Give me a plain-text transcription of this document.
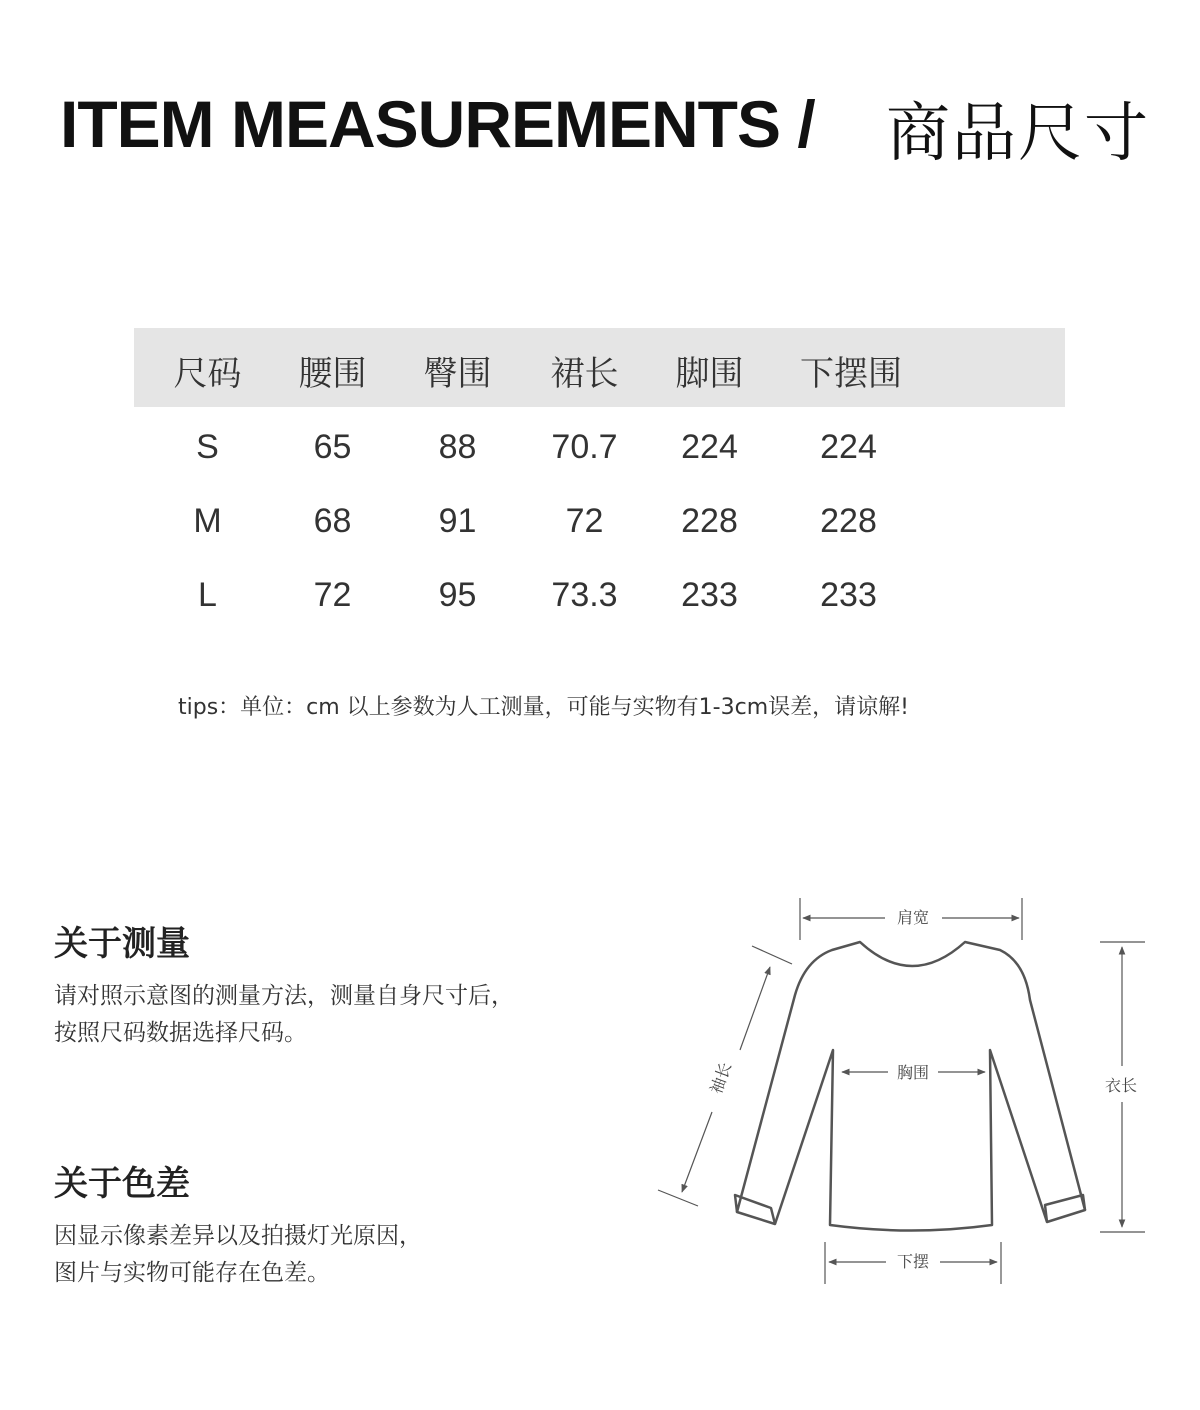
ITEM MEASUREMENTS / 商品尺寸
尺码 腰围 臀围 裙长 脚围 下摆围
S	65	88	70.7	224	224
M	68	91	72	228	228
L	72	95	73.3	233	233
tips：单位：cm 以上参数为人工测量，可能与实物有1-3cm误差，请谅解!
关于测量
请对照示意图的测量方法，测量自身尺寸后，
按照尺码数据选择尺码。
关于色差
因显示像素差异以及拍摄灯光原因，
图片与实物可能存在色差。
肩宽
胸围
衣长
下摆
袖长
